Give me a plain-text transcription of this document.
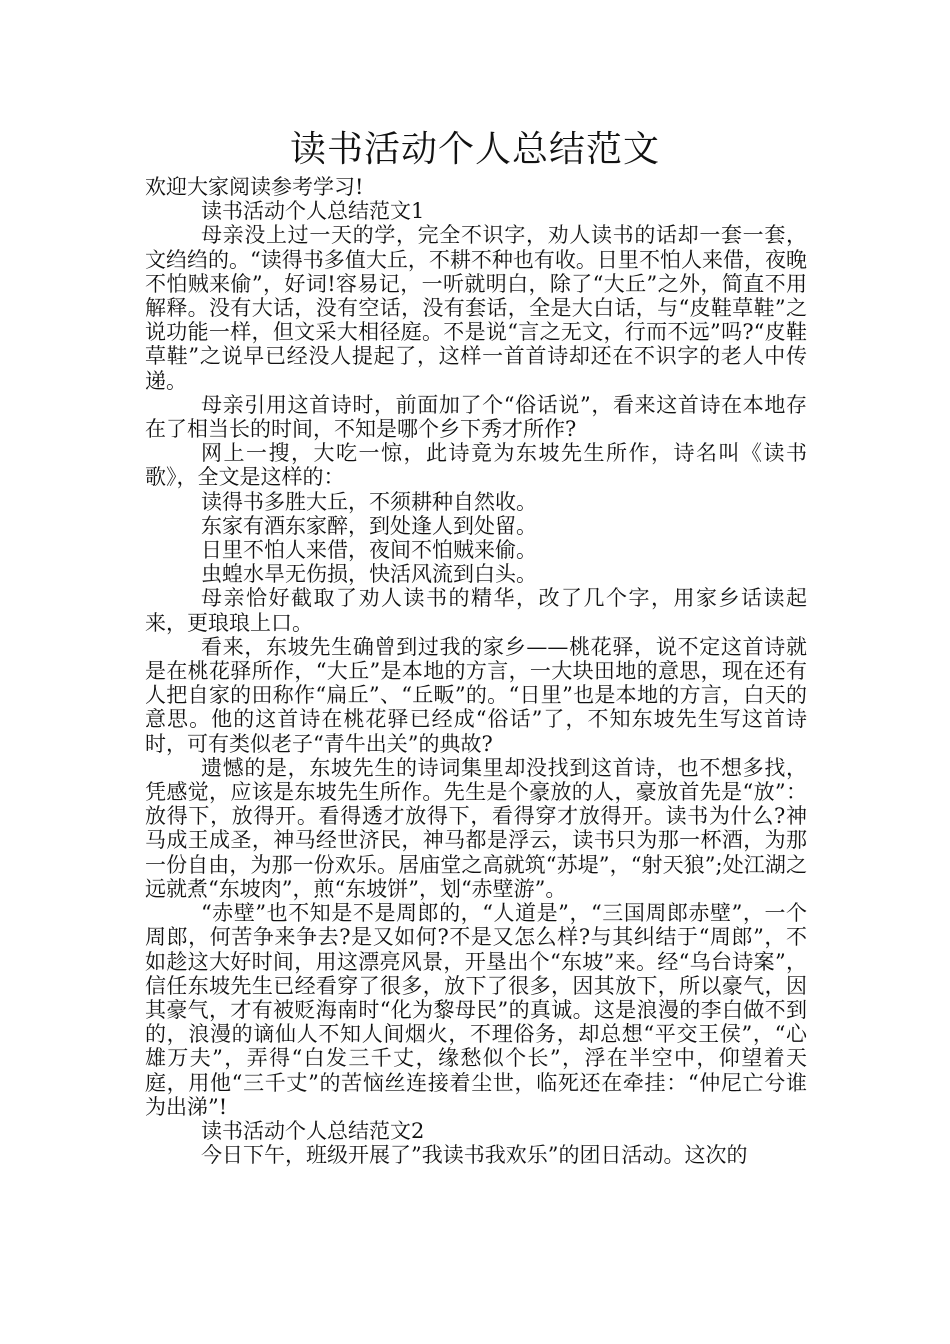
读书活动个人总结范文

欢迎大家阅读参考学习!

读书活动个人总结范文1

母亲没上过一天的学，完全不识字，劝人读书的话却一套一套，文绉绉的。“读得书多值大丘，不耕不种也有收。日里不怕人来借，夜晚不怕贼来偷”，好词!容易记，一听就明白，除了“大丘”之外，简直不用解释。没有大话，没有空话，没有套话，全是大白话，与“皮鞋草鞋”之说功能一样，但文采大相径庭。不是说“言之无文，行而不远”吗?“皮鞋草鞋”之说早已经没人提起了，这样一首首诗却还在不识字的老人中传递。

母亲引用这首诗时，前面加了个“俗话说”，看来这首诗在本地存在了相当长的时间，不知是哪个乡下秀才所作?

网上一搜，大吃一惊，此诗竟为东坡先生所作，诗名叫《读书歌》，全文是这样的：

读得书多胜大丘，不须耕种自然收。

东家有酒东家醉，到处逢人到处留。

日里不怕人来借，夜间不怕贼来偷。

虫蝗水旱无伤损，快活风流到白头。

母亲恰好截取了劝人读书的精华，改了几个字，用家乡话读起来，更琅琅上口。

看来，东坡先生确曾到过我的家乡——桃花驿，说不定这首诗就是在桃花驿所作，“大丘”是本地的方言，一大块田地的意思，现在还有人把自家的田称作“扁丘”、“丘畈”的。“日里”也是本地的方言，白天的意思。他的这首诗在桃花驿已经成“俗话”了，不知东坡先生写这首诗时，可有类似老子“青牛出关”的典故?

遗憾的是，东坡先生的诗词集里却没找到这首诗，也不想多找，凭感觉，应该是东坡先生所作。先生是个豪放的人，豪放首先是“放”：放得下，放得开。看得透才放得下，看得穿才放得开。读书为什么?神马成王成圣，神马经世济民，神马都是浮云，读书只为那一杯酒，为那一份自由，为那一份欢乐。居庙堂之高就筑“苏堤”，“射天狼”;处江湖之远就煮“东坡肉”，煎“东坡饼”，划“赤壁游”。

“赤壁”也不知是不是周郎的，“人道是”，“三国周郎赤壁”，一个周郎，何苦争来争去?是又如何?不是又怎么样?与其纠结于“周郎”，不如趁这大好时间，用这漂亮风景，开垦出个“东坡”来。经“乌台诗案”，信任东坡先生已经看穿了很多，放下了很多，因其放下，所以豪气，因其豪气，才有被贬海南时“化为黎母民”的真诚。这是浪漫的李白做不到的，浪漫的谪仙人不知人间烟火，不理俗务，却总想“平交王侯”，“心雄万夫”，弄得“白发三千丈，缘愁似个长”，浮在半空中，仰望着天庭，用他“三千丈”的苦恼丝连接着尘世，临死还在牵挂：“仲尼亡兮谁为出涕”!

读书活动个人总结范文2

今日下午，班级开展了”我读书我欢乐”的团日活动。这次的
